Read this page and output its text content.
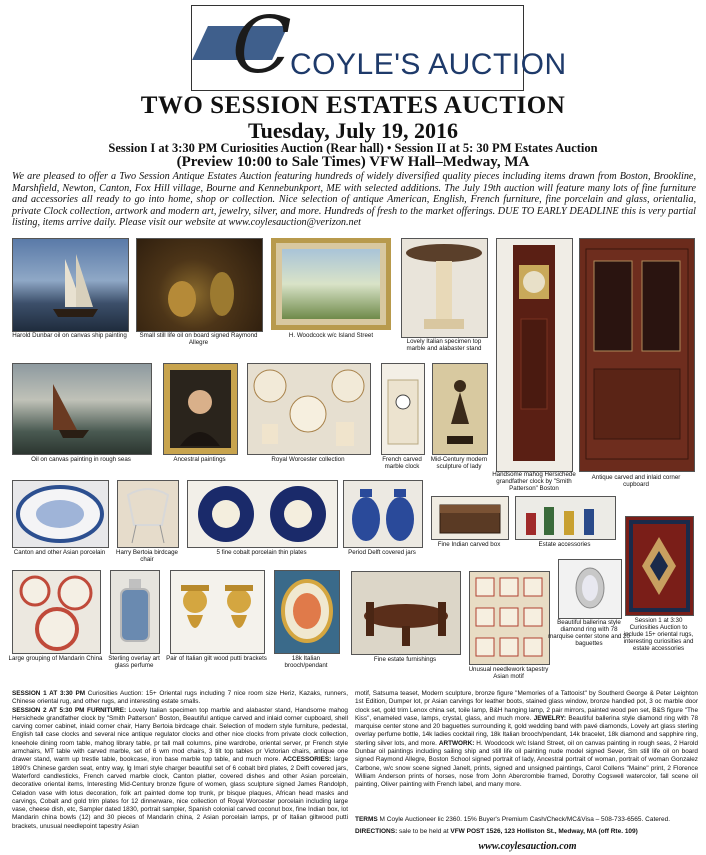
C
COYLE'S AUCTION
TWO SESSION ESTATES AUCTION
Tuesday, July 19, 2016
Session I at 3:30 PM Curiosities Auction (Rear hall) • Session II at 5: 30 PM Estates Auction
(Preview 10:00 to Sale Times) VFW Hall–Medway, MA
We are pleased to offer a Two Session Antique Estates Auction featuring hundreds of widely diversified quality pieces including items drawn from Boston, Brookline, Marshfield, Newton, Canton, Fox Hill village, Bourne and Kennebunkport, ME with selected additions. The July 19th auction will feature many lots of fine furniture and accessories all ready to go into home, shop or collection. Nice selection of antique American, English, French furniture, fine porcelain and glass, orientalia, private Clock collection, artwork and modern art, jewelry, silver, and more. Hundreds of fresh to the market offerings. DUE TO EARLY DEADLINE this is very partial listing, items arrive daily. Please visit our website at www.coylesauction@verizon.net
Harold Dunbar oil on canvas ship painting	Small still life oil on board signed Raymond Allegre
H. Woodcock w/c Island Street
Lovely Italian specimen top marble and alabaster stand
Handsome mahog Hersichede grandfather clock by "Smith Patterson" Boston
Antique carved and inlaid corner cupboard
Oil on canvas painting in rough seas	Ancestral paintings	Royal Worcester collection	French carved marble clock
Mid-Century modern sculpture of lady
Canton and other Asian porcelain	Harry Bertoia birdcage chair
5 fine cobalt porcelain thin plates	Period Delft covered jars
Fine Indian carved box	Estate accessories
Large grouping of Mandarin China Sterling overlay art glass perfume
Pair of Italian gilt wood putti brackets	18k Italian brooch/pendant
Fine estate furnishings
Unusual needlework tapestry Asian motif
Beautiful ballerina style diamond ring with 78 marquise center stone and 20 baguettes
Session 1 at 3:30 Curiosities Auction to include 15+ oriental rugs, interesting curiosities and estate accessories
SESSION 1 AT 3:30 PM Curiosities Auction: 15+ Oriental rugs including 7 nice room size Heriz, Kazaks, runners, Chinese oriental rug, and other rugs, and interesting estate smalls.
SESSION 2 AT 5:30 PM FURNITURE: Lovely Italian specimen top marble and alabaster stand, Handsome mahog Hersichede grandfather clock by "Smith Patterson" Boston, Beautiful antique carved and inlaid corner cupboard, shell carving corner cabinet, inlaid corner chair, Harry Bertoia birdcage chair. Selection of modern style furniture, pedestal, English tall case clocks and several nice antique regulator clocks and other nice clocks from private clock collection, kneehole dining room table, mahog library table, pr tall mall columns, pine wardrobe, oriental server, pr French style armchairs, MT table with carved marble, set of 6 wm mod chairs, 3 tilt top tables pr Victorian chairs, antique one drawer stand, warm up trestle table, bookcase, iron base marble top table, and much more. ACCESSORIES: large 1890's Chinese garden seat, entry way, lg Imari style charger beautiful set of 6 cobalt bird plates, 2 Delft covered jars, Waterford candlesticks, French carved marble clock, Canton platter, covered dishes and other Asian porcelain, decorative oriental items, Interesting Mid-Century bronze figure of women, glass sculpture signed James Randolph, Celadon vase with lotus decoration, folk art painted dome top trunk, pr bisque plaques, African head masks and carvings, Cobalt and gold trim plates for 12 dinnerware, nice collection of Royal Worcester porcelain including large vase, cheese dish, etc, Sampler dated 1830, portrait sampler, Spanish colonial carved coconut box, fine Indian box, lot Mandarin china bowls (12) and 30 pieces of Mandarin china, 2 Asian porcelain lamps, pr of Italian giltwood putti brackets, unusual needlepoint tapestry Asian
motif, Satsuma teaset, Modern sculpture, bronze figure "Memories of a Tattooist" by Southerd George & Peter Leighton 1st Edition, Dumper lot, pr Asian carvings for leather boots, stained glass window, bronze handled pot, 3 oc marble door clock set, gold trim Lenox china set, toile lamp, B&H hanging lamp, 2 pair mirrors, painted wood pen set, B&S figure "The Kiss", enameled vase, lamps, crystal, glass, and much more. JEWELRY: Beautiful ballerina style diamond ring with 78 marquise center stone and 20 baguettes surrounding it, gold wedding band with pavé diamonds, Lovely art glass sterling overlay perfume bottle, 14k ladies cocktail ring, 18k Italian brooch/pendant, 14k bracelet, 18k diamond and sapphire ring, sterling silver lots, and more. ARTWORK: H. Woodcock w/c Island Street, oil on canvas painting in rough seas, 2 Harold Dunbar oil paintings including sailing ship and still life oil painting nude model signed Sever, Sm still life oil on board signed Raymond Allegre, Boston School signed portrait of lady, Ancestral portrait of woman, portrait of woman Gonzalez Carbone, w/c snow scene signed Janelt, prints, signed and unsigned paintings, Carol Collens "Maine" print, 2 Florence William Anderson prints of horses, nose from John Abercrombie framed, Dorothy Cogswell watercolor, fall scene oil painting, Oliver painting with French label, and many more.
TERMS M Coyle Auctioneer lic 2360. 15% Buyer's Premium Cash/Check/MC&Visa – 508-733-6565. Catered.
DIRECTIONS: sale to be held at VFW POST 1526, 123 Holliston St., Medway, MA (off Rte. 109)
www.coylesauction.com
